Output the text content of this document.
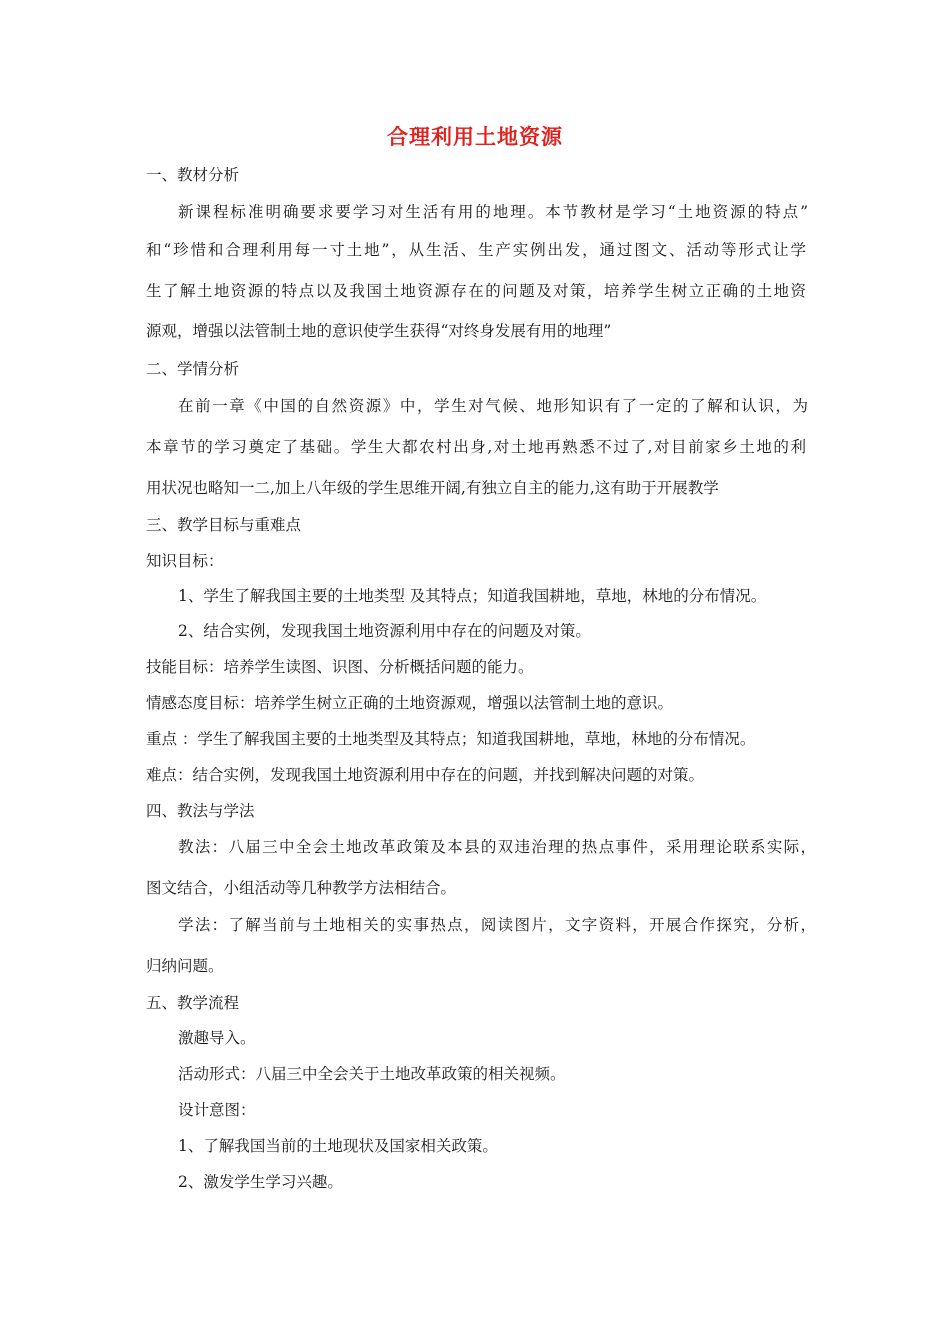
合理利用土地资源
一、教材分析
新课程标准明确要求要学习对生活有用的地理。本节教材是学习“土地资源的特点”
和“珍惜和合理利用每一寸土地”，从生活、生产实例出发，通过图文、活动等形式让学
生了解土地资源的特点以及我国土地资源存在的问题及对策，培养学生树立正确的土地资
源观，增强以法管制土地的意识使学生获得“对终身发展有用的地理”
二、学情分析
在前一章《中国的自然资源》中，学生对气候、地形知识有了一定的了解和认识，为
本章节的学习奠定了基础。学生大都农村出身,对土地再熟悉不过了,对目前家乡土地的利
用状况也略知一二,加上八年级的学生思维开阔,有独立自主的能力,这有助于开展教学
三、教学目标与重难点
知识目标：
1、学生了解我国主要的土地类型 及其特点；知道我国耕地，草地，林地的分布情况。
2、结合实例，发现我国土地资源利用中存在的问题及对策。
技能目标：培养学生读图、识图、分析概括问题的能力。
情感态度目标：培养学生树立正确的土地资源观，增强以法管制土地的意识。
重点 ：学生了解我国主要的土地类型及其特点；知道我国耕地，草地，林地的分布情况。
难点：结合实例，发现我国土地资源利用中存在的问题，并找到解决问题的对策。
四、教法与学法
教法：八届三中全会土地改革政策及本县的双违治理的热点事件，采用理论联系实际，
图文结合，小组活动等几种教学方法相结合。
学法：了解当前与土地相关的实事热点，阅读图片，文字资料，开展合作探究，分析，
归纳问题。
五、教学流程
激趣导入。
活动形式：八届三中全会关于土地改革政策的相关视频。
设计意图：
1、了解我国当前的土地现状及国家相关政策。
2、激发学生学习兴趣。
